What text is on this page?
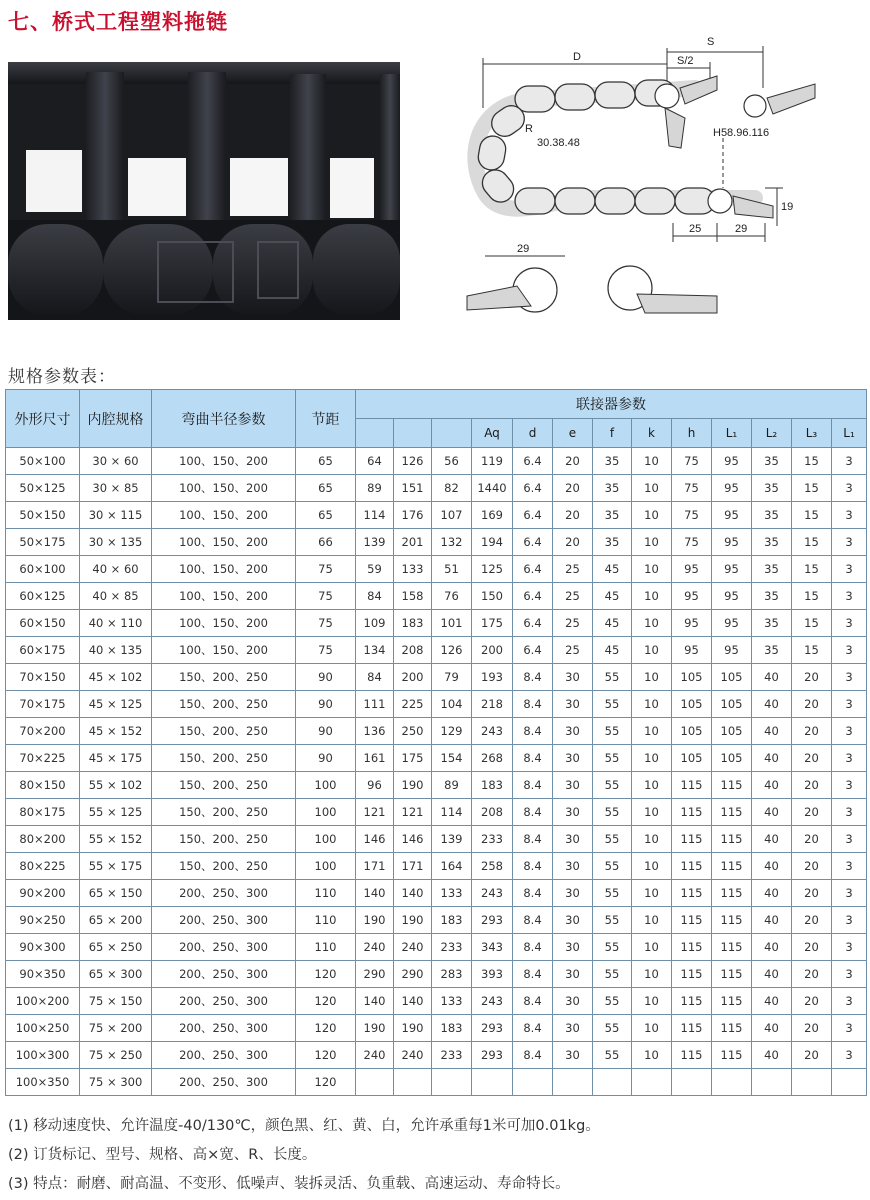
七、桥式工程塑料拖链
D
S
S/2
R
30.38.48
H58.96.116
19
25	29
29
规格参数表：
外形尺寸	内腔规格	弯曲半径参数	节距	联接器参数												
							Aq	d	e	f	k	h	L₁	L₂	L₃	L₁
50×100	30 × 60	100、150、200	65	64	126	56	119	6.4	20	35	10	75	95	35	15	3
50×125	30 × 85	100、150、200	65	89	151	82	1440	6.4	20	35	10	75	95	35	15	3
50×150	30 × 115	100、150、200	65	114	176	107	169	6.4	20	35	10	75	95	35	15	3
50×175	30 × 135	100、150、200	66	139	201	132	194	6.4	20	35	10	75	95	35	15	3
60×100	40 × 60	100、150、200	75	59	133	51	125	6.4	25	45	10	95	95	35	15	3
60×125	40 × 85	100、150、200	75	84	158	76	150	6.4	25	45	10	95	95	35	15	3
60×150	40 × 110	100、150、200	75	109	183	101	175	6.4	25	45	10	95	95	35	15	3
60×175	40 × 135	100、150、200	75	134	208	126	200	6.4	25	45	10	95	95	35	15	3
70×150	45 × 102	150、200、250	90	84	200	79	193	8.4	30	55	10	105	105	40	20	3
70×175	45 × 125	150、200、250	90	111	225	104	218	8.4	30	55	10	105	105	40	20	3
70×200	45 × 152	150、200、250	90	136	250	129	243	8.4	30	55	10	105	105	40	20	3
70×225	45 × 175	150、200、250	90	161	175	154	268	8.4	30	55	10	105	105	40	20	3
80×150	55 × 102	150、200、250	100	96	190	89	183	8.4	30	55	10	115	115	40	20	3
80×175	55 × 125	150、200、250	100	121	121	114	208	8.4	30	55	10	115	115	40	20	3
80×200	55 × 152	150、200、250	100	146	146	139	233	8.4	30	55	10	115	115	40	20	3
80×225	55 × 175	150、200、250	100	171	171	164	258	8.4	30	55	10	115	115	40	20	3
90×200	65 × 150	200、250、300	110	140	140	133	243	8.4	30	55	10	115	115	40	20	3
90×250	65 × 200	200、250、300	110	190	190	183	293	8.4	30	55	10	115	115	40	20	3
90×300	65 × 250	200、250、300	110	240	240	233	343	8.4	30	55	10	115	115	40	20	3
90×350	65 × 300	200、250、300	120	290	290	283	393	8.4	30	55	10	115	115	40	20	3
100×200	75 × 150	200、250、300	120	140	140	133	243	8.4	30	55	10	115	115	40	20	3
100×250	75 × 200	200、250、300	120	190	190	183	293	8.4	30	55	10	115	115	40	20	3
100×300	75 × 250	200、250、300	120	240	240	233	293	8.4	30	55	10	115	115	40	20	3
100×350	75 × 300	200、250、300	120													
(1) 移动速度快、允许温度-40/130℃，颜色黑、红、黄、白，允许承重每1米可加0.01kg。
(2) 订货标记、型号、规格、高×宽、R、长度。
(3) 特点：耐磨、耐高温、不变形、低噪声、装拆灵活、负重载、高速运动、寿命特长。
